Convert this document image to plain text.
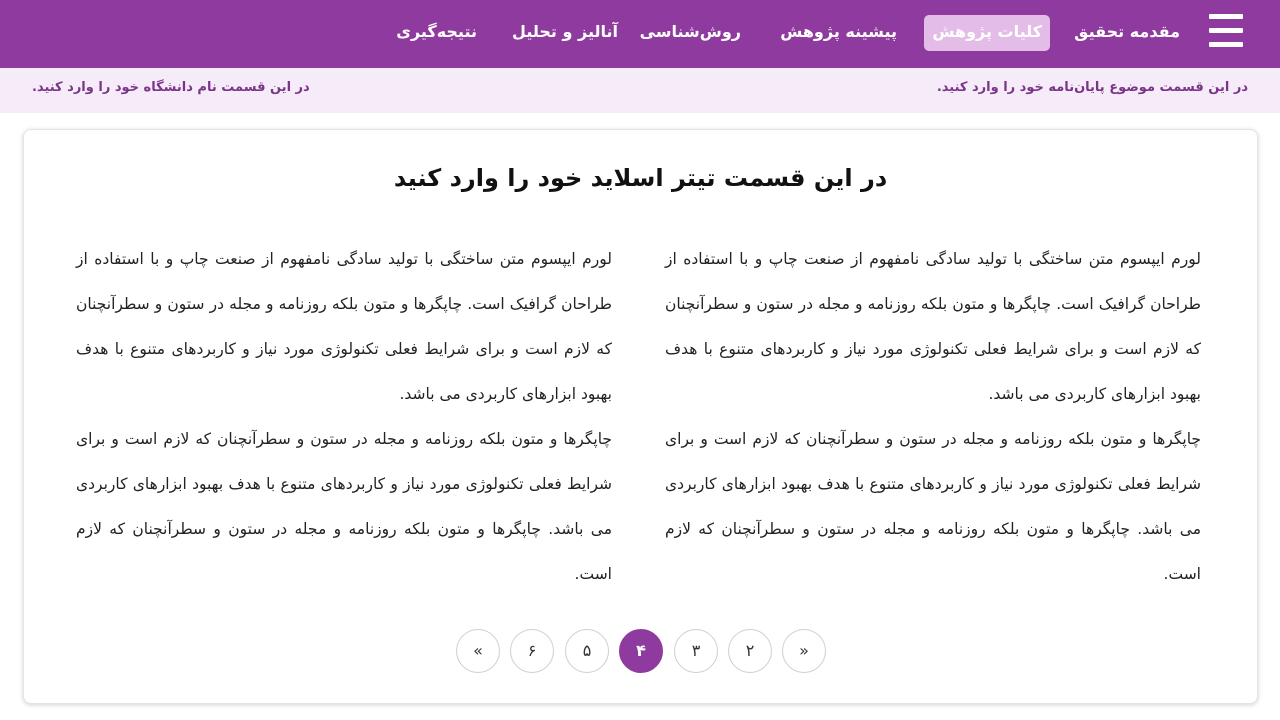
مقدمه تحقیق
کلیات پژوهش
پیشینه پژوهش
روش‌شناسی
آنالیز و تحلیل
نتیجه‌گیری
در این قسمت موضوع پایان‌نامه خود را وارد کنید.
در این قسمت نام دانشگاه خود را وارد کنید.
در این قسمت تیتر اسلاید خود را وارد کنید

لورم ایپسوم متن ساختگی با تولید سادگی نامفهوم از صنعت چاپ و با استفاده از طراحان گرافیک است. چاپگرها و متون بلکه روزنامه و مجله در ستون و سطرآنچنان که لازم است و برای شرایط فعلی تکنولوژی مورد نیاز و کاربردهای متنوع با هدف بهبود ابزارهای کاربردی می باشد.

چاپگرها و متون بلکه روزنامه و مجله در ستون و سطرآنچنان که لازم است و برای شرایط فعلی تکنولوژی مورد نیاز و کاربردهای متنوع با هدف بهبود ابزارهای کاربردی می باشد. چاپگرها و متون بلکه روزنامه و مجله در ستون و سطرآنچنان که لازم است.

لورم ایپسوم متن ساختگی با تولید سادگی نامفهوم از صنعت چاپ و با استفاده از طراحان گرافیک است. چاپگرها و متون بلکه روزنامه و مجله در ستون و سطرآنچنان که لازم است و برای شرایط فعلی تکنولوژی مورد نیاز و کاربردهای متنوع با هدف بهبود ابزارهای کاربردی می باشد.

چاپگرها و متون بلکه روزنامه و مجله در ستون و سطرآنچنان که لازم است و برای شرایط فعلی تکنولوژی مورد نیاز و کاربردهای متنوع با هدف بهبود ابزارهای کاربردی می باشد. چاپگرها و متون بلکه روزنامه و مجله در ستون و سطرآنچنان که لازم است.

«
۲
۳
۴
۵
۶
»
